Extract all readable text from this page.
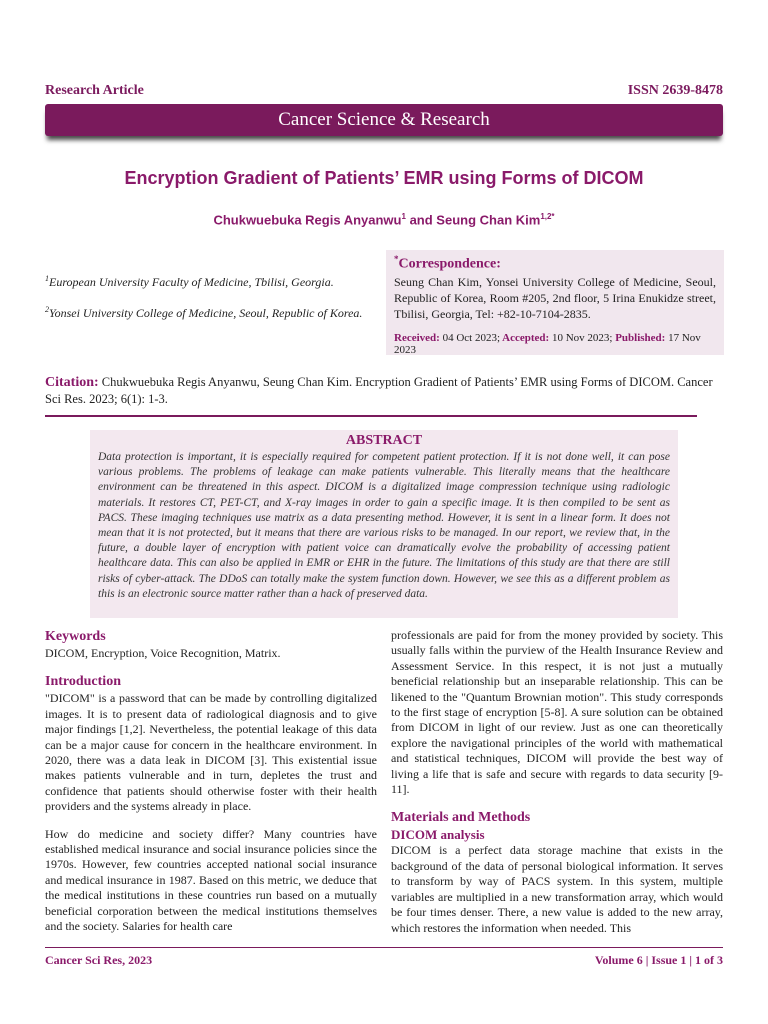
Research Article	ISSN 2639-8478
Cancer Science & Research
Encryption Gradient of Patients’ EMR using Forms of DICOM
Chukwuebuka Regis Anyanwu$^1$ and Seung Chan Kim$^{1,2*}$
$^1$European University Faculty of Medicine, Tbilisi, Georgia.
$^2$Yonsei University College of Medicine, Seoul, Republic of Korea.
*Correspondence:
Seung Chan Kim, Yonsei University College of Medicine, Seoul, Republic of Korea, Room #205, 2nd floor, 5 Irina Enukidze street, Tbilisi, Georgia, Tel: +82-10-7104-2835.
Received: 04 Oct 2023; Accepted: 10 Nov 2023; Published: 17 Nov 2023
Citation: Chukwuebuka Regis Anyanwu, Seung Chan Kim. Encryption Gradient of Patients’ EMR using Forms of DICOM. Cancer Sci Res. 2023; 6(1): 1-3.
ABSTRACT
Data protection is important, it is especially required for competent patient protection. If it is not done well, it can pose various problems. The problems of leakage can make patients vulnerable. This literally means that the healthcare environment can be threatened in this aspect. DICOM is a digitalized image compression technique using radiologic materials. It restores CT, PET-CT, and X-ray images in order to gain a specific image. It is then compiled to be sent as PACS. These imaging techniques use matrix as a data presenting method. However, it is sent in a linear form. It does not mean that it is not protected, but it means that there are various risks to be managed. In our report, we review that, in the future, a double layer of encryption with patient voice can dramatically evolve the probability of accessing patient healthcare data. This can also be applied in EMR or EHR in the future. The limitations of this study are that there are still risks of cyber-attack. The DDoS can totally make the system function down. However, we see this as a different problem as this is an electronic source matter rather than a hack of preserved data.
Keywords
DICOM, Encryption, Voice Recognition, Matrix.
Introduction
"DICOM" is a password that can be made by controlling digitalized images. It is to present data of radiological diagnosis and to give major findings [1,2]. Nevertheless, the potential leakage of this data can be a major cause for concern in the healthcare environment. In 2020, there was a data leak in DICOM [3]. This existential issue makes patients vulnerable and in turn, depletes the trust and confidence that patients should otherwise foster with their health providers and the systems already in place.
How do medicine and society differ? Many countries have established medical insurance and social insurance policies since the 1970s. However, few countries accepted national social insurance and medical insurance in 1987. Based on this metric, we deduce that the medical institutions in these countries run based on a mutually beneficial corporation between the medical institutions themselves and the society. Salaries for health care
professionals are paid for from the money provided by society. This usually falls within the purview of the Health Insurance Review and Assessment Service. In this respect, it is not just a mutually beneficial relationship but an inseparable relationship. This can be likened to the "Quantum Brownian motion". This study corresponds to the first stage of encryption [5-8]. A sure solution can be obtained from DICOM in light of our review. Just as one can theoretically explore the navigational principles of the world with mathematical and statistical techniques, DICOM will provide the best way of living a life that is safe and secure with regards to data security [9-11].
Materials and Methods
DICOM analysis
DICOM is a perfect data storage machine that exists in the background of the data of personal biological information. It serves to transform by way of PACS system. In this system, multiple variables are multiplied in a new transformation array, which would be four times denser. There, a new value is added to the new array, which restores the information when needed. This
Cancer Sci Res, 2023	Volume 6 | Issue 1 | 1 of 3
